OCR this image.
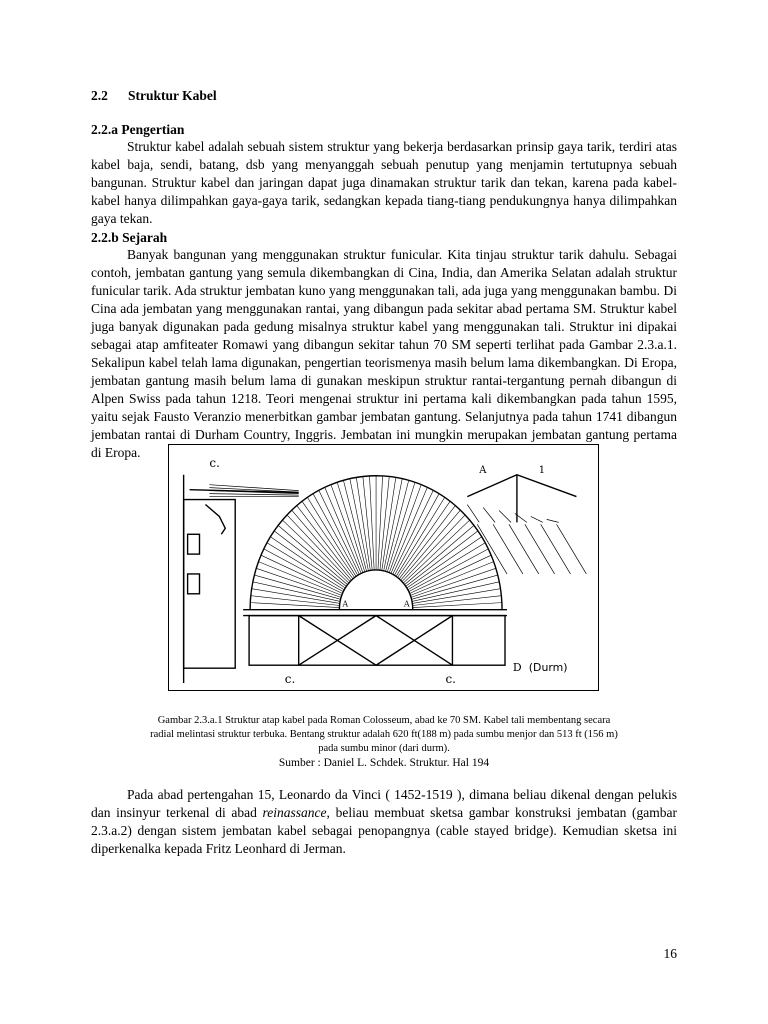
2.2 Struktur Kabel
2.2.a Pengertian
Struktur kabel adalah sebuah sistem struktur yang bekerja berdasarkan prinsip gaya tarik, terdiri atas kabel baja, sendi, batang, dsb yang menyanggah sebuah penutup yang menjamin tertutupnya sebuah bangunan. Struktur kabel dan jaringan dapat juga dinamakan struktur tarik dan tekan, karena pada kabel-kabel hanya dilimpahkan gaya-gaya tarik, sedangkan kepada tiang-tiang pendukungnya hanya dilimpahkan gaya tekan.
2.2.b Sejarah
Banyak bangunan yang menggunakan struktur funicular. Kita tinjau struktur tarik dahulu. Sebagai contoh, jembatan gantung yang semula dikembangkan di Cina, India, dan Amerika Selatan adalah struktur funicular tarik. Ada struktur jembatan kuno yang menggunakan tali, ada juga yang menggunakan bambu. Di Cina ada jembatan yang menggunakan rantai, yang dibangun pada sekitar abad pertama SM. Struktur kabel juga banyak digunakan pada gedung misalnya struktur kabel yang menggunakan tali. Struktur ini dipakai sebagai atap amfiteater Romawi yang dibangun sekitar tahun 70 SM seperti terlihat pada Gambar 2.3.a.1. Sekalipun kabel telah lama digunakan, pengertian teorismenya masih belum lama dikembangkan. Di Eropa, jembatan gantung masih belum lama di gunakan meskipun struktur rantai-tergantung pernah dibangun di Alpen Swiss pada tahun 1218. Teori mengenai struktur ini pertama kali dikembangkan pada tahun 1595, yaitu sejak Fausto Veranzio menerbitkan gambar jembatan gantung. Selanjutnya pada tahun 1741 dibangun jembatan rantai di Durham Country, Inggris. Jembatan ini mungkin merupakan jembatan gantung pertama di Eropa.
c.
A	1
c.	c.
A	A
D (Durm)
Gambar 2.3.a.1 Struktur atap kabel pada Roman Colosseum, abad ke 70 SM. Kabel tali membentang secara
radial melintasi struktur terbuka. Bentang struktur adalah 620 ft(188 m) pada sumbu menjor dan 513 ft (156 m)
pada sumbu minor (dari durm).
Sumber : Daniel L. Schdek. Struktur. Hal 194
Pada abad pertengahan 15, Leonardo da Vinci ( 1452-1519 ), dimana beliau dikenal dengan pelukis dan insinyur terkenal di abad reinassance, beliau membuat sketsa gambar konstruksi jembatan (gambar 2.3.a.2) dengan sistem jembatan kabel sebagai penopangnya (cable stayed bridge). Kemudian sketsa ini diperkenalka kepada Fritz Leonhard di Jerman.
16
